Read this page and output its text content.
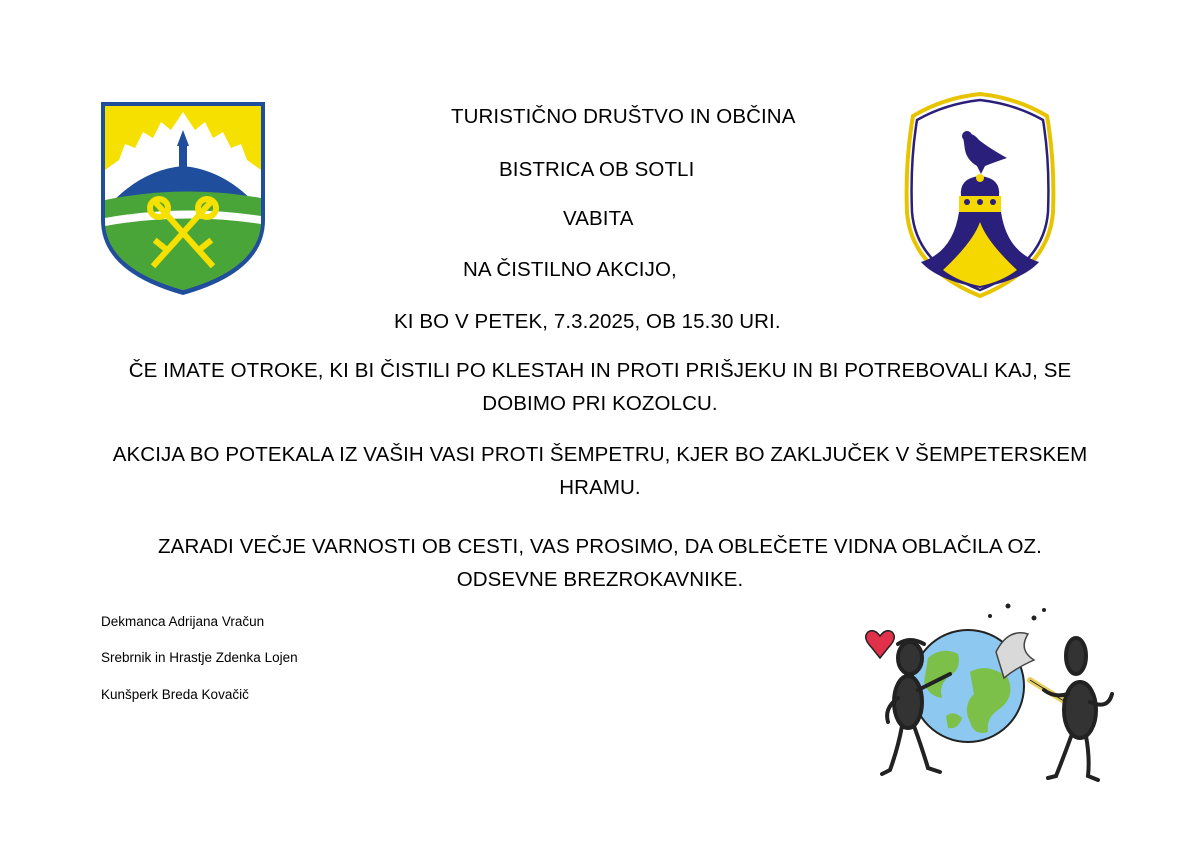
TURISTIČNO DRUŠTVO IN OBČINA
BISTRICA OB SOTLI
VABITA
NA ČISTILNO AKCIJO,
KI BO V PETEK, 7.3.2025, OB 15.30 URI.
ČE IMATE OTROKE, KI BI ČISTILI PO KLESTAH IN PROTI PRIŠJEKU IN BI POTREBOVALI KAJ, SE
DOBIMO PRI KOZOLCU.
AKCIJA BO POTEKALA IZ VAŠIH VASI PROTI ŠEMPETRU, KJER BO ZAKLJUČEK V ŠEMPETERSKEM
HRAMU.
ZARADI VEČJE VARNOSTI OB CESTI, VAS PROSIMO, DA OBLEČETE VIDNA OBLAČILA OZ.
ODSEVNE BREZROKAVNIKE.
Dekmanca Adrijana Vračun
Srebrnik in Hrastje Zdenka Lojen
Kunšperk Breda Kovačič
